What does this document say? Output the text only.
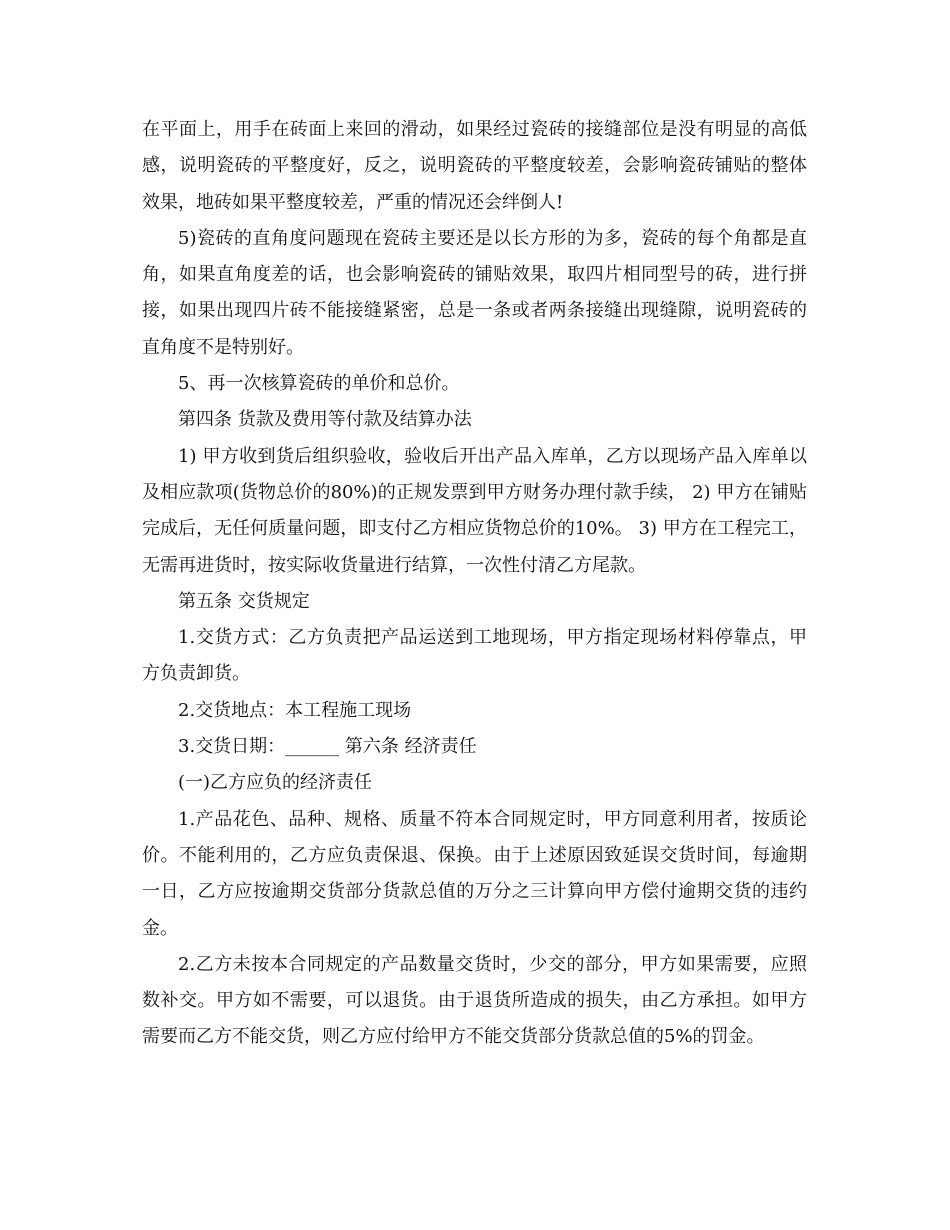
在平面上，用手在砖面上来回的滑动，如果经过瓷砖的接缝部位是没有明显的高低感，说明瓷砖的平整度好，反之，说明瓷砖的平整度较差，会影响瓷砖铺贴的整体效果，地砖如果平整度较差，严重的情况还会绊倒人!

5)瓷砖的直角度问题现在瓷砖主要还是以长方形的为多，瓷砖的每个角都是直角，如果直角度差的话，也会影响瓷砖的铺贴效果，取四片相同型号的砖，进行拼接，如果出现四片砖不能接缝紧密，总是一条或者两条接缝出现缝隙，说明瓷砖的直角度不是特别好。

5、再一次核算瓷砖的单价和总价。

第四条 货款及费用等付款及结算办法

1) 甲方收到货后组织验收，验收后开出产品入库单，乙方以现场产品入库单以及相应款项(货物总价的80%)的正规发票到甲方财务办理付款手续， 2) 甲方在铺贴完成后，无任何质量问题，即支付乙方相应货物总价的10%。 3) 甲方在工程完工，无需再进货时，按实际收货量进行结算，一次性付清乙方尾款。

第五条 交货规定

1.交货方式：乙方负责把产品运送到工地现场，甲方指定现场材料停靠点，甲方负责卸货。

2.交货地点：本工程施工现场

3.交货日期：______ 第六条 经济责任

(一)乙方应负的经济责任

1.产品花色、品种、规格、质量不符本合同规定时，甲方同意利用者，按质论价。不能利用的，乙方应负责保退、保换。由于上述原因致延误交货时间，每逾期一日，乙方应按逾期交货部分货款总值的万分之三计算向甲方偿付逾期交货的违约金。

2.乙方未按本合同规定的产品数量交货时，少交的部分，甲方如果需要，应照数补交。甲方如不需要，可以退货。由于退货所造成的损失，由乙方承担。如甲方需要而乙方不能交货，则乙方应付给甲方不能交货部分货款总值的5%的罚金。
